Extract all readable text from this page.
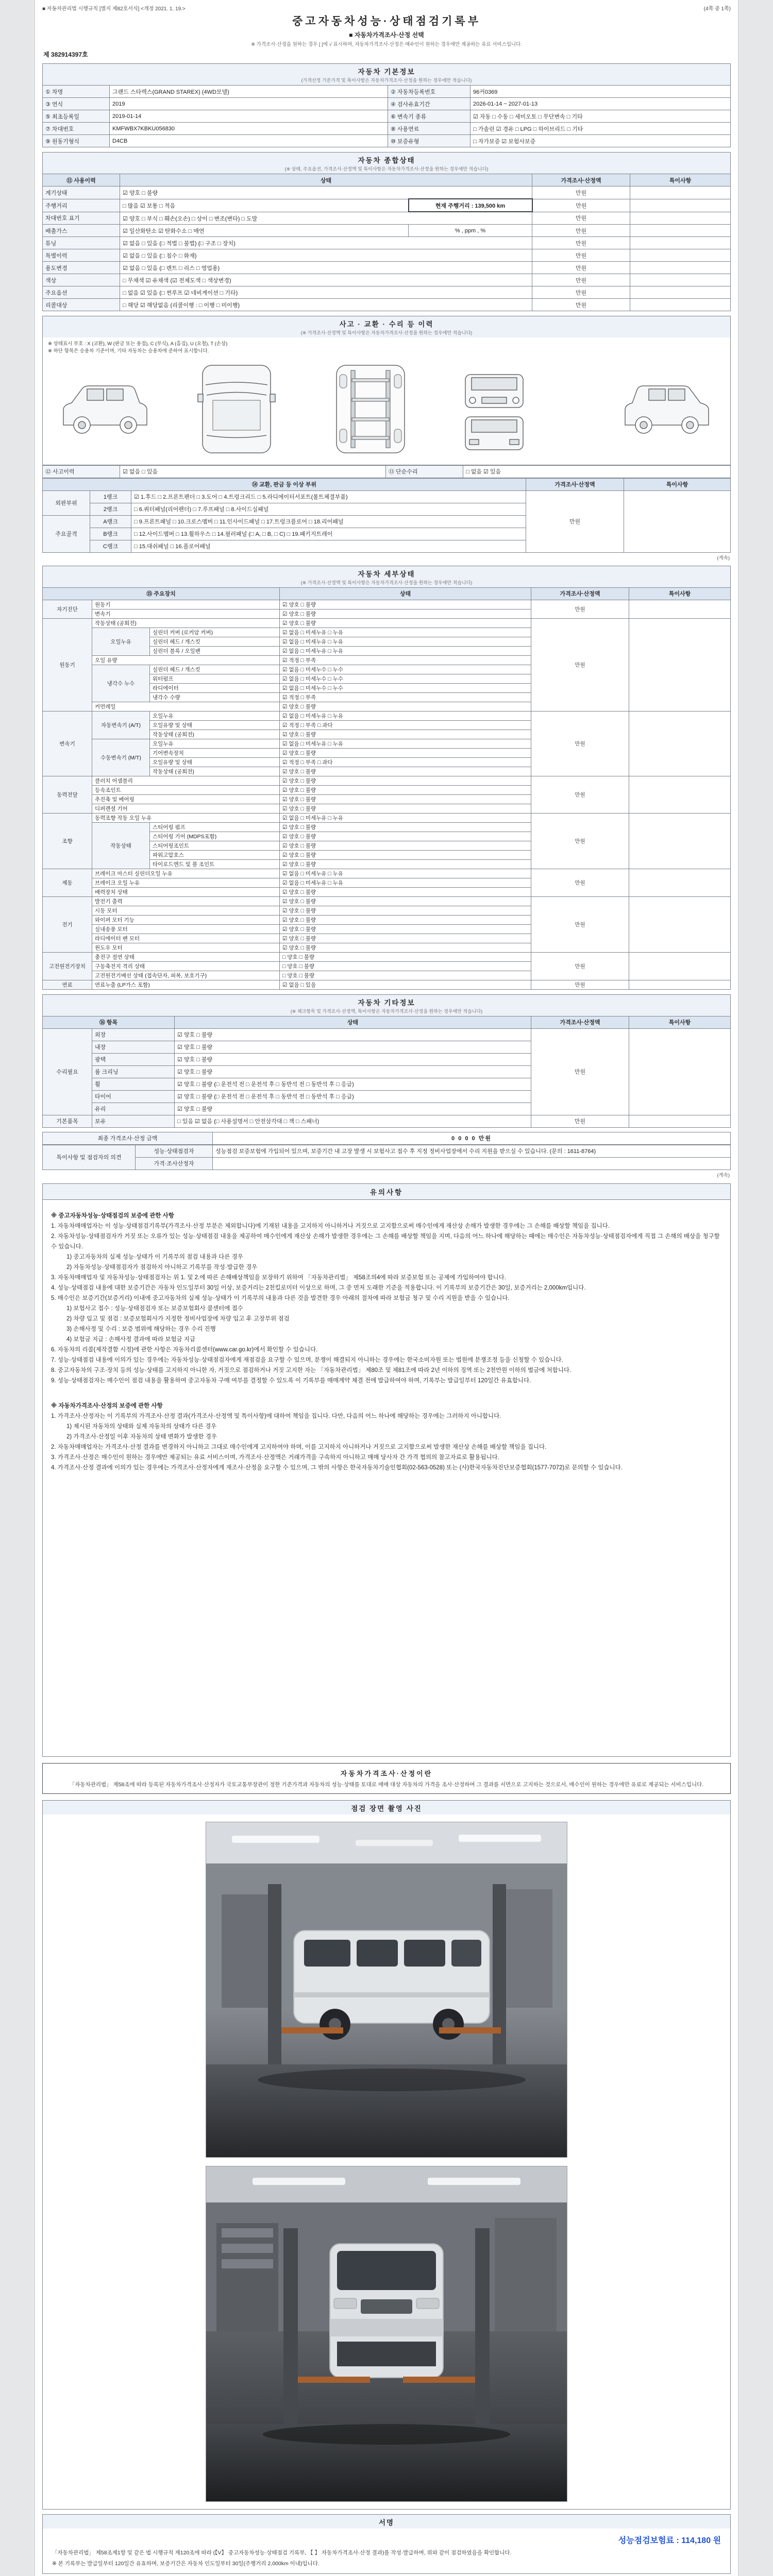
■ 자동차관리법 시행규칙 [별지 제82호서식] <개정 2021. 1. 19.>	(4쪽 중 1쪽)
중고자동차성능·상태점검기록부
■ 자동차가격조사·산정 선택
※ 가격조사·산정을 원하는 경우 [ ]에 √ 표시하며, 자동차가격조사·산정은 매수인이 원하는 경우에만 제공하는 유료 서비스입니다.
제 382914397호
자동차 기본정보
(가격산정 기준가격 및 특이사항은 자동차가격조사·산정을 원하는 경우에만 적습니다)
① 차명	그랜드 스타렉스(GRAND STAREX) (4WD모델)	② 자동차등록번호	96커0369
③ 연식	2019	④ 검사유효기간	2026-01-14 ~ 2027-01-13
⑤ 최초등록일	2019-01-14	⑥ 변속기 종류	☑ 자동 □ 수동 □ 세미오토 □ 무단변속 □ 기타
⑦ 차대번호	KMFWBX7KBKU056830	⑧ 사용연료	□ 가솔린 ☑ 경유 □ LPG □ 하이브리드 □ 기타
⑨ 원동기형식	D4CB	⑩ 보증유형	□ 자가보증 ☑ 보험사보증
자동차 종합상태
(※ 상태, 주요옵션, 가격조사·산정액 및 특이사항은 자동차가격조사·산정을 원하는 경우에만 적습니다)
⑪ 사용이력	상태		가격조사·산정액	특이사항
계기상태	☑ 양호 □ 불량		만원	
주행거리	□ 많음 ☑ 보통 □ 적음	현재 주행거리 : 139,500 km	만원	
차대번호 표기	☑ 양호 □ 부식 □ 훼손(오손) □ 상이 □ 변조(변타) □ 도말		만원	
배출가스	☑ 일산화탄소 ☑ 탄화수소 □ 매연	% , ppm , %	만원	
튜닝	☑ 없음 □ 있음 (□ 적법 □ 불법) (□ 구조 □ 장치)		만원	
특별이력	☑ 없음 □ 있음 (□ 침수 □ 화재)		만원	
용도변경	☑ 없음 □ 있음 (□ 렌트 □ 리스 □ 영업용)		만원	
색상	□ 무채색 ☑ 유채색 (☑ 전체도색 □ 색상변경)		만원	
주요옵션	□ 없음 ☑ 있음 (□ 썬루프 ☑ 네비게이션 □ 기타)		만원	
리콜대상	□ 해당 ☑ 해당없음 (리콜이행 : □ 이행 □ 미이행)		만원	
사고 · 교환 · 수리 등 이력
(※ 가격조사·산정액 및 특이사항은 자동차가격조사·산정을 원하는 경우에만 적습니다)
※ 상태표시 부호 : X (교환), W (판금 또는 용접), C (부식), A (흠집), U (요철), T (손상)
※ 하단 항목은 승용차 기준이며, 기타 자동차는 승용차에 준하여 표시합니다.
⑫ 사고이력	☑ 없음 □ 있음	⑬ 단순수리	□ 없음 ☑ 있음
⑭ 교환, 판금 등 이상 부위			가격조사·산정액	특이사항
외판부위	1랭크	☑ 1.후드 □ 2.프론트펜더 □ 3.도어 □ 4.트렁크리드 □ 5.라디에이터서포트(볼트체결부품)	만원	
	2랭크	□ 6.쿼터패널(리어펜더) □ 7.루프패널 □ 8.사이드실패널		
주요골격	A랭크	□ 9.프론트패널 □ 10.크로스멤버 □ 11.인사이드패널 □ 17.트렁크플로어 □ 18.리어패널		
	B랭크	□ 12.사이드멤버 □ 13.휠하우스 □ 14.필러패널 (□ A, □ B, □ C) □ 19.패키지트레이		
	C랭크	□ 15.대쉬패널 □ 16.플로어패널		
(계속)
자동차 세부상태
(※ 가격조사·산정액 및 특이사항은 자동차가격조사·산정을 원하는 경우에만 적습니다)
⑮ 주요장치			상태	가격조사·산정액	특이사항
자기진단	원동기		☑ 양호 □ 불량	만원	
	변속기		☑ 양호 □ 불량		
원동기	작동상태 (공회전)		☑ 양호 □ 불량	만원	
	오일누유	실린더 커버 (로커암 커버)	☑ 없음 □ 미세누유 □ 누유		
		실린더 헤드 / 개스킷	☑ 없음 □ 미세누유 □ 누유		
		실린더 블록 / 오일팬	☑ 없음 □ 미세누유 □ 누유		
	오일 유량		☑ 적정 □ 부족		
	냉각수 누수	실린더 헤드 / 개스킷	☑ 없음 □ 미세누수 □ 누수		
		워터펌프	☑ 없음 □ 미세누수 □ 누수		
		라디에이터	☑ 없음 □ 미세누수 □ 누수		
		냉각수 수량	☑ 적정 □ 부족		
	커먼레일		☑ 양호 □ 불량		
변속기	자동변속기 (A/T)	오일누유	☑ 없음 □ 미세누유 □ 누유	만원	
		오일유량 및 상태	☑ 적정 □ 부족 □ 과다		
		작동상태 (공회전)	☑ 양호 □ 불량		
	수동변속기 (M/T)	오일누유	☑ 없음 □ 미세누유 □ 누유		
		기어변속장치	☑ 양호 □ 불량		
		오일유량 및 상태	☑ 적정 □ 부족 □ 과다		
		작동상태 (공회전)	☑ 양호 □ 불량		
동력전달	클러치 어셈블리		☑ 양호 □ 불량	만원	
	등속조인트		☑ 양호 □ 불량		
	추진축 및 베어링		☑ 양호 □ 불량		
	디퍼렌셜 기어		☑ 양호 □ 불량		
조향	동력조향 작동 오일 누유		☑ 없음 □ 미세누유 □ 누유	만원	
	작동상태	스티어링 펌프	☑ 양호 □ 불량		
		스티어링 기어 (MDPS포함)	☑ 양호 □ 불량		
		스티어링조인트	☑ 양호 □ 불량		
		파워고압호스	☑ 양호 □ 불량		
		타이로드엔드 및 볼 조인트	☑ 양호 □ 불량		
제동	브레이크 마스터 실린더오일 누유		☑ 없음 □ 미세누유 □ 누유	만원	
	브레이크 오일 누유		☑ 없음 □ 미세누유 □ 누유		
	배력장치 상태		☑ 양호 □ 불량		
전기	발전기 출력		☑ 양호 □ 불량	만원	
	시동 모터		☑ 양호 □ 불량		
	와이퍼 모터 기능		☑ 양호 □ 불량		
	실내송풍 모터		☑ 양호 □ 불량		
	라디에이터 팬 모터		☑ 양호 □ 불량		
	윈도우 모터		☑ 양호 □ 불량		
고전원전기장치	충전구 절연 상태		□ 양호 □ 불량	만원	
	구동축전지 격리 상태		□ 양호 □ 불량		
	고전원전기배선 상태 (접속단자, 피복, 보호기구)		□ 양호 □ 불량		
연료	연료누출 (LP가스 포함)		☑ 없음 □ 있음	만원	
자동차 기타정보
(※ 체크항목 및 가격조사·산정액, 특이사항은 자동차가격조사·산정을 원하는 경우에만 적습니다)
⑯ 항목		상태	가격조사·산정액	특이사항
수리필요	외장	☑ 양호 □ 불량	만원	
	내장	☑ 양호 □ 불량		
	광택	☑ 양호 □ 불량		
	룸 크리닝	☑ 양호 □ 불량		
	휠	☑ 양호 □ 불량 (□ 운전석 전 □ 운전석 후 □ 동반석 전 □ 동반석 후 □ 응급)		
	타이어	☑ 양호 □ 불량 (□ 운전석 전 □ 운전석 후 □ 동반석 전 □ 동반석 후 □ 응급)		
	유리	☑ 양호 □ 불량		
기본품목	보유	□ 있음 ☑ 없음 (□ 사용설명서 □ 안전삼각대 □ 잭 □ 스패너)	만원	
최종 가격조사·산정 금액	0 0 0 0 만원
특이사항 및 점검자의 의견	성능·상태점검자	성능점검 보증보험에 가입되어 있으며, 보증기간 내 고장 발생 시 보험사고 접수 후 지정 정비사업장에서 수리 지원을 받으실 수 있습니다. (문의 : 1611-8764)
	가격·조사산정자	
(계속)
유의사항
※ 중고자동차성능·상태점검의 보증에 관한 사항
1. 자동차매매업자는 이 성능·상태점검기록부(가격조사·산정 부분은 제외합니다)에 기재된 내용을 고지하지 아니하거나 거짓으로 고지함으로써 매수인에게 재산상 손해가 발생한 경우에는 그 손해를 배상할 책임을 집니다.
2. 자동차성능·상태점검자가 거짓 또는 오류가 있는 성능·상태점검 내용을 제공하여 매수인에게 재산상 손해가 발생한 경우에는 그 손해를 배상할 책임을 지며, 다음의 어느 하나에 해당하는 때에는 매수인은 자동차성능·상태점검자에게 직접 그 손해의 배상을 청구할 수 있습니다.
1) 중고자동차의 실제 성능·상태가 이 기록부의 점검 내용과 다른 경우
2) 자동차성능·상태점검자가 점검하지 아니하고 기록부를 작성·발급한 경우
3. 자동차매매업자 및 자동차성능·상태점검자는 위 1. 및 2.에 따른 손해배상책임을 보장하기 위하여 「자동차관리법」 제58조의4에 따라 보증보험 또는 공제에 가입하여야 합니다.
4. 성능·상태점검 내용에 대한 보증기간은 자동차 인도일부터 30일 이상, 보증거리는 2천킬로미터 이상으로 하며, 그 중 먼저 도래한 기준을 적용합니다. 이 기록부의 보증기간은 30일, 보증거리는 2,000km입니다.
5. 매수인은 보증기간(보증거리) 이내에 중고자동차의 실제 성능·상태가 이 기록부의 내용과 다른 것을 발견한 경우 아래의 절차에 따라 보험금 청구 및 수리 지원을 받을 수 있습니다.
1) 보험사고 접수 : 성능·상태점검자 또는 보증보험회사 콜센터에 접수
2) 차량 입고 및 점검 : 보증보험회사가 지정한 정비사업장에 차량 입고 후 고장부위 점검
3) 손해사정 및 수리 : 보증 범위에 해당하는 경우 수리 진행
4) 보험금 지급 : 손해사정 결과에 따라 보험금 지급
6. 자동차의 리콜(제작결함 시정)에 관한 사항은 자동차리콜센터(www.car.go.kr)에서 확인할 수 있습니다.
7. 성능·상태점검 내용에 이의가 있는 경우에는 자동차성능·상태점검자에게 재점검을 요구할 수 있으며, 분쟁이 해결되지 아니하는 경우에는 한국소비자원 또는 법원에 분쟁조정 등을 신청할 수 있습니다.
8. 중고자동차의 구조·장치 등의 성능·상태를 고지하지 아니한 자, 거짓으로 점검하거나 거짓 고지한 자는 「자동차관리법」 제80조 및 제81조에 따라 2년 이하의 징역 또는 2천만원 이하의 벌금에 처합니다.
9. 성능·상태점검자는 매수인이 점검 내용을 활용하여 중고자동차 구매 여부를 결정할 수 있도록 이 기록부를 매매계약 체결 전에 발급하여야 하며, 기록부는 발급일부터 120일간 유효합니다.

※ 자동차가격조사·산정의 보증에 관한 사항
1. 가격조사·산정자는 이 기록부의 가격조사·산정 결과(가격조사·산정액 및 특이사항)에 대하여 책임을 집니다. 다만, 다음의 어느 하나에 해당하는 경우에는 그러하지 아니합니다.
1) 제시된 자동차의 상태와 실제 자동차의 상태가 다른 경우
2) 가격조사·산정일 이후 자동차의 상태 변화가 발생한 경우
2. 자동차매매업자는 가격조사·산정 결과를 변경하지 아니하고 그대로 매수인에게 고지하여야 하며, 이를 고지하지 아니하거나 거짓으로 고지함으로써 발생한 재산상 손해를 배상할 책임을 집니다.
3. 가격조사·산정은 매수인이 원하는 경우에만 제공되는 유료 서비스이며, 가격조사·산정액은 거래가격을 구속하지 아니하고 매매 당사자 간 가격 협의의 참고자료로 활용됩니다.
4. 가격조사·산정 결과에 이의가 있는 경우에는 가격조사·산정자에게 재조사·산정을 요구할 수 있으며, 그 밖의 사항은 한국자동차기술인협회(02-563-0528) 또는 (사)한국자동차진단보증협회(1577-7072)로 문의할 수 있습니다.
자동차가격조사·산정이란
「자동차관리법」 제58조에 따라 등록된 자동차가격조사·산정자가 국토교통부장관이 정한 기준가격과 자동차의 성능·상태를 토대로 매매 대상 자동차의 가격을 조사·산정하여 그 결과를 서면으로 고지하는 것으로서, 매수인이 원하는 경우에만 유료로 제공되는 서비스입니다.
점검 장면 촬영 사진
서명
성능점검보험료 : 114,180 원
「자동차관리법」 제58조제1항 및 같은 법 시행규칙 제120조에 따라 (【V】 중고자동차성능·상태점검 기록부, 【 】 자동차가격조사·산정 결과)를 작성·발급하며, 위와 같이 점검하였음을 확인합니다.
※ 본 기록부는 발급일부터 120일간 유효하며, 보증기간은 자동차 인도일부터 30일(주행거리 2,000km 이내)입니다.
